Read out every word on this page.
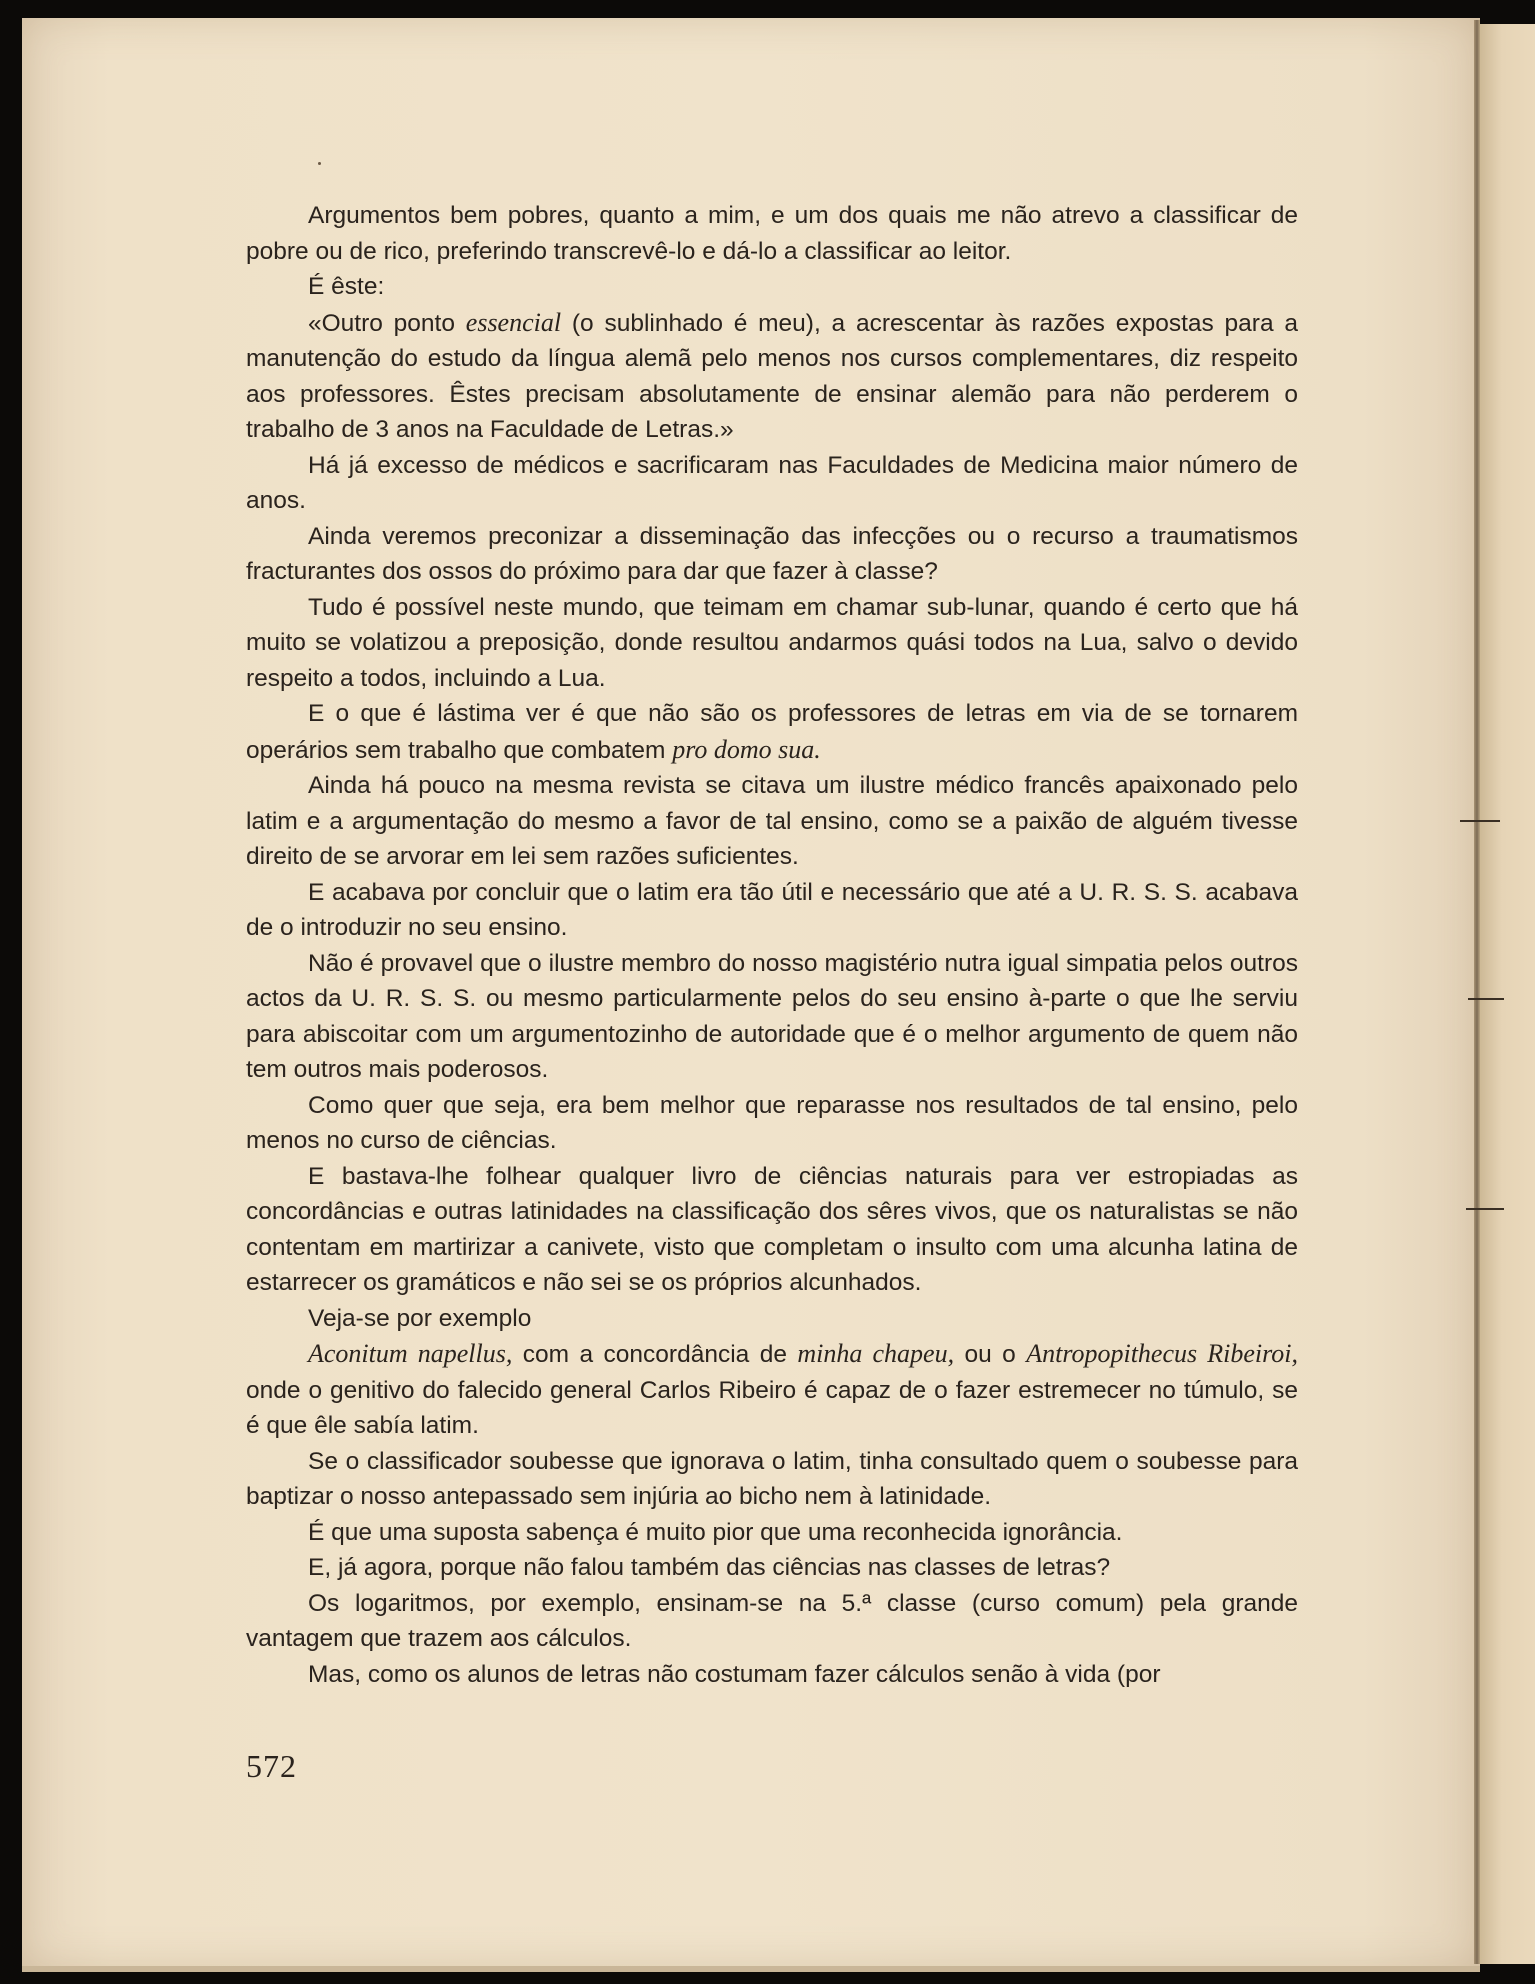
Argumentos bem pobres, quanto a mim, e um dos quais me não atrevo a classificar de pobre ou de rico, preferindo transcrevê-lo e dá-lo a classificar ao leitor.

É êste:

«Outro ponto essencial (o sublinhado é meu), a acrescentar às razões expostas para a manutenção do estudo da língua alemã pelo menos nos cursos complementares, diz respeito aos professores. Êstes precisam absolutamente de ensinar alemão para não perderem o trabalho de 3 anos na Faculdade de Letras.»

Há já excesso de médicos e sacrificaram nas Faculdades de Medicina maior número de anos.

Ainda veremos preconizar a disseminação das infecções ou o recurso a traumatismos fracturantes dos ossos do próximo para dar que fazer à classe?

Tudo é possível neste mundo, que teimam em chamar sub-lunar, quando é certo que há muito se volatizou a preposição, donde resultou andarmos quási todos na Lua, salvo o devido respeito a todos, incluindo a Lua.

E o que é lástima ver é que não são os professores de letras em via de se tornarem operários sem trabalho que combatem pro domo sua.

Ainda há pouco na mesma revista se citava um ilustre médico francês apaixonado pelo latim e a argumentação do mesmo a favor de tal ensino, como se a paixão de alguém tivesse direito de se arvorar em lei sem razões suficientes.

E acabava por concluir que o latim era tão útil e necessário que até a U. R. S. S. acabava de o introduzir no seu ensino.

Não é provavel que o ilustre membro do nosso magistério nutra igual simpatia pelos outros actos da U. R. S. S. ou mesmo particularmente pelos do seu ensino à-parte o que lhe serviu para abiscoitar com um argumentozinho de autoridade que é o melhor argumento de quem não tem outros mais poderosos.

Como quer que seja, era bem melhor que reparasse nos resultados de tal ensino, pelo menos no curso de ciências.

E bastava-lhe folhear qualquer livro de ciências naturais para ver estropiadas as concordâncias e outras latinidades na classificação dos sêres vivos, que os naturalistas se não contentam em martirizar a canivete, visto que completam o insulto com uma alcunha latina de estarrecer os gramáticos e não sei se os próprios alcunhados.

Veja-se por exemplo

Aconitum napellus, com a concordância de minha chapeu, ou o Antropopithecus Ribeiroi, onde o genitivo do falecido general Carlos Ribeiro é capaz de o fazer estremecer no túmulo, se é que êle sabía latim.

Se o classificador soubesse que ignorava o latim, tinha consultado quem o soubesse para baptizar o nosso antepassado sem injúria ao bicho nem à latinidade.

É que uma suposta sabença é muito pior que uma reconhecida ignorância.

E, já agora, porque não falou também das ciências nas classes de letras?

Os logaritmos, por exemplo, ensinam-se na 5.ª classe (curso comum) pela grande vantagem que trazem aos cálculos.

Mas, como os alunos de letras não costumam fazer cálculos senão à vida (por

572
